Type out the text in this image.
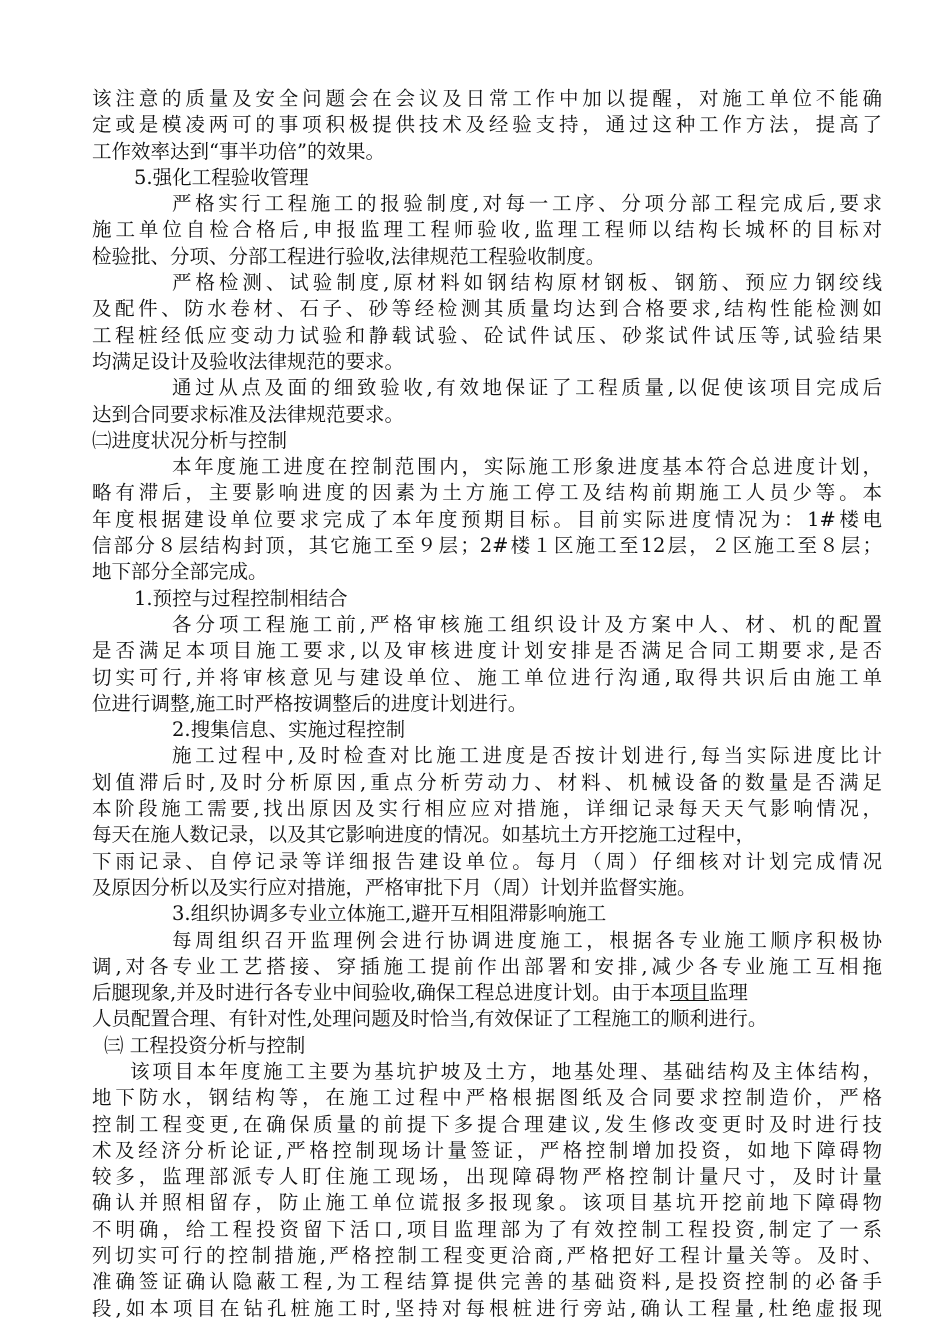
该注意的质量及安全问题会在会议及日常工作中加以提醒，对施工单位不能确
定或是模凌两可的事项积极提供技术及经验支持，通过这种工作方法，提高了
工作效率达到“事半功倍”的效果。
5.强化工程验收管理
严格实行工程施工的报验制度,对每一工序、分项分部工程完成后,要求
施工单位自检合格后,申报监理工程师验收,监理工程师以结构长城杯的目标对
检验批、分项、分部工程进行验收,法律规范工程验收制度。
严格检测、试验制度,原材料如钢结构原材钢板、钢筋、预应力钢绞线
及配件、防水卷材、石子、砂等经检测其质量均达到合格要求,结构性能检测如
工程桩经低应变动力试验和静载试验、砼试件试压、砂浆试件试压等,试验结果
均满足设计及验收法律规范的要求。
通过从点及面的细致验收,有效地保证了工程质量,以促使该项目完成后
达到合同要求标准及法律规范要求。
㈡进度状况分析与控制
本年度施工进度在控制范围内，实际施工形象进度基本符合总进度计划，
略有滞后，主要影响进度的因素为土方施工停工及结构前期施工人员少等。本
年度根据建设单位要求完成了本年度预期目标。目前实际进度情况为：1#楼电
信部分８层结构封顶，其它施工至９层；2#楼１区施工至12层，２区施工至８层；
地下部分全部完成。
1.预控与过程控制相结合
各分项工程施工前,严格审核施工组织设计及方案中人、材、机的配置
是否满足本项目施工要求,以及审核进度计划安排是否满足合同工期要求,是否
切实可行,并将审核意见与建设单位、施工单位进行沟通,取得共识后由施工单
位进行调整,施工时严格按调整后的进度计划进行。
2.搜集信息、实施过程控制
施工过程中,及时检查对比施工进度是否按计划进行,每当实际进度比计
划值滞后时,及时分析原因,重点分析劳动力、材料、机械设备的数量是否满足
本阶段施工需要,找出原因及实行相应应对措施，详细记录每天天气影响情况，
每天在施人数记录，以及其它影响进度的情况。如基坑土方开挖施工过程中，
下雨记录、自停记录等详细报告建设单位。每月（周）仔细核对计划完成情况
及原因分析以及实行应对措施，严格审批下月（周）计划并监督实施。
3.组织协调多专业立体施工,避开互相阻滞影响施工
每周组织召开监理例会进行协调进度施工，根据各专业施工顺序积极协
调,对各专业工艺搭接、穿插施工提前作出部署和安排,减少各专业施工互相拖
后腿现象,并及时进行各专业中间验收,确保工程总进度计划。由于本项目监理
人员配置合理、有针对性,处理问题及时恰当,有效保证了工程施工的顺利进行。
㈢ 工程投资分析与控制
该项目本年度施工主要为基坑护坡及土方，地基处理、基础结构及主体结构，
地下防水，钢结构等，在施工过程中严格根据图纸及合同要求控制造价，严格
控制工程变更,在确保质量的前提下多提合理建议,发生修改变更时及时进行技
术及经济分析论证,严格控制现场计量签证，严格控制增加投资，如地下障碍物
较多，监理部派专人盯住施工现场，出现障碍物严格控制计量尺寸，及时计量
确认并照相留存，防止施工单位谎报多报现象。该项目基坑开挖前地下障碍物
不明确，给工程投资留下活口,项目监理部为了有效控制工程投资,制定了一系
列切实可行的控制措施,严格控制工程变更洽商,严格把好工程计量关等。及时、
准确签证确认隐蔽工程,为工程结算提供完善的基础资料,是投资控制的必备手
段,如本项目在钻孔桩施工时,坚持对每根桩进行旁站,确认工程量,杜绝虚报现
